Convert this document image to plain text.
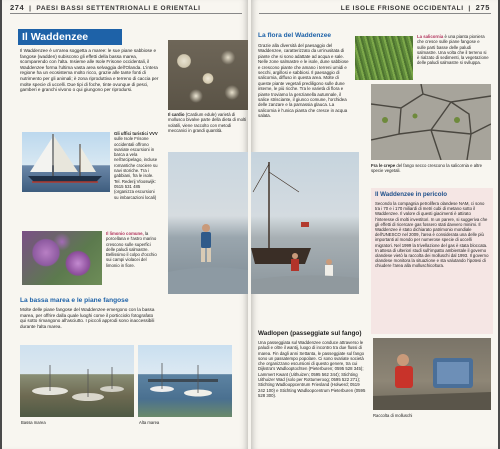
274  |  PAESI BASSI SETTENTRIONALI E ORIENTALI
Il Waddenzee
Il Waddenzee è un'area soggetta a maree: le sue piane sabbiose e fangose (wadden) subiscono gli effetti della bassa marea, scomparendo con l'alta. Insieme alle Isole Frisone occidentali, il Waddenzee forma l'ultima vasta area selvaggia dell'Olanda. L'intera regione ha un ecosistema molto ricco, grazie alle tante fonti di nutrimento per gli animali; è zona riproduttiva e terreno di caccia per molte specie di uccelli. Due tipi di foche, tinte ovunque di pesci, gamberi e granchi vivono o qui giungono per riprodursi.
Gli uffici turistici VVV sulle Isole Frisone occidentali offrono svariate escursioni in barca a vela nell'arcipelago, incluse romantiche crociere su navi storiche. Tra i gabbiani, fra le isole. Tel. Rederij Vlooswijk: 0515 531 485 (organizza escursioni su imbarcazioni locali)
Il limonio comune, la porcellana e l'astro marino crescono sulle superfici delle paludi salmastre. Bellissimo il colpo d'occhio sui campi violacei del limonio in fiore.
La bassa marea e le piane fangose
Molte delle piane fangose del Waddenzee emergono con la bassa marea, per offrire dalla quale luoghi come il porticciolo fotografato qui sotto rimangono all'asciutto. I piccoli approdi sono inaccessibili durante l'alta marea.
Bassa marea	Alta marea
Il cardio (Cardium edule) varietà di mollusco bivalve parte della dieta di molti volatili, viene raccolto con metodi meccanici in grandi quantità.
LE ISOLE FRISONE OCCIDENTALI  |  275
La flora del Waddenzee
Grazie alla diversità del paesaggio del Waddenzee, caratterizzato da un'inusitata di piante che si sono adattate ad acqua e sale. Nelle zone salmastre e le isole, dune sabbiose e crescono piante che amano i terreni umidi e secchi, argillosi e sabbiosi. Il paesaggio di salicornia, diffuso in questa area. Molte di queste piante vegetali prediligono sulle dune interne, le più ricche. Tra le varietà di flora e piante troviamo la genzianella autunnale, il salice strisciante, il giunco comune, l'orchidea delle zanzare e la parnassia glauca. La salicornia è l'unica pianta che cresce in acqua salata.
La salicornia è una pianta pioniera che cresce sulle piane fangose e sulle parti basse delle paludi salmastre. Una volta che il terreno si è rialzato di sedimenti, la vegetazione delle paludi salmastre si sviluppa.
Fra le crepe del fango secco crescono la salicornia e altre specie vegetali.
Il Waddenzee in pericolo
Secondo la compagnia petrolifera olandese NAM, ci sono tra i 70 e i 170 miliardi di metri cubi di metano sotto il Waddenzee. Il valore di questi giacimenti è attirato l'interesse di molti investitori. In un parere, si suggeriva che gli effetti di ricercare gas fossero stati davvero minimi. Il Waddenzee è stato dichiarato patrimonio mondiale dell'UNESCO nel 2009, l'area è considerata una delle più importanti al mondo per numerose specie di uccelli migratori. Nel 1999 la trivellazione del gas è stata bloccata. In attesa di ulteriori studi sull'impatto ambientale il governo olandese vietò la raccolta dei molluschi dal 1993. Il governo olandese monitora la situazione e sta valutando l'ipotesi di chiudere l'area alla molluschicoltura.
Wadlopen (passeggiate sul fango)
Una passeggiata sul Waddenzee conduce attraverso le paludi e oltre il wantij, luogo di incontro tra due flussi di marea. Fin dagli anni Settanta, le passeggiate sul fango sono un passatempo popolare. Ci sono svariate società che organizzano escursioni di questo genere, tra cui Dijkstra's Wadlooptochten (Pieterburen; 0595 528 345); Lammert Kwant (Uithuizen; 0595 562 344); Stichting Uithuizer Wad (solo per Rottumeroog; 0595 522 271); Stichting Wadlooppcentrum Friesland (Holwerd; 0519 242 100) e Stichting Wadloopcentrum Pieterburen (0595 528 300).
Raccolta di molluschi
